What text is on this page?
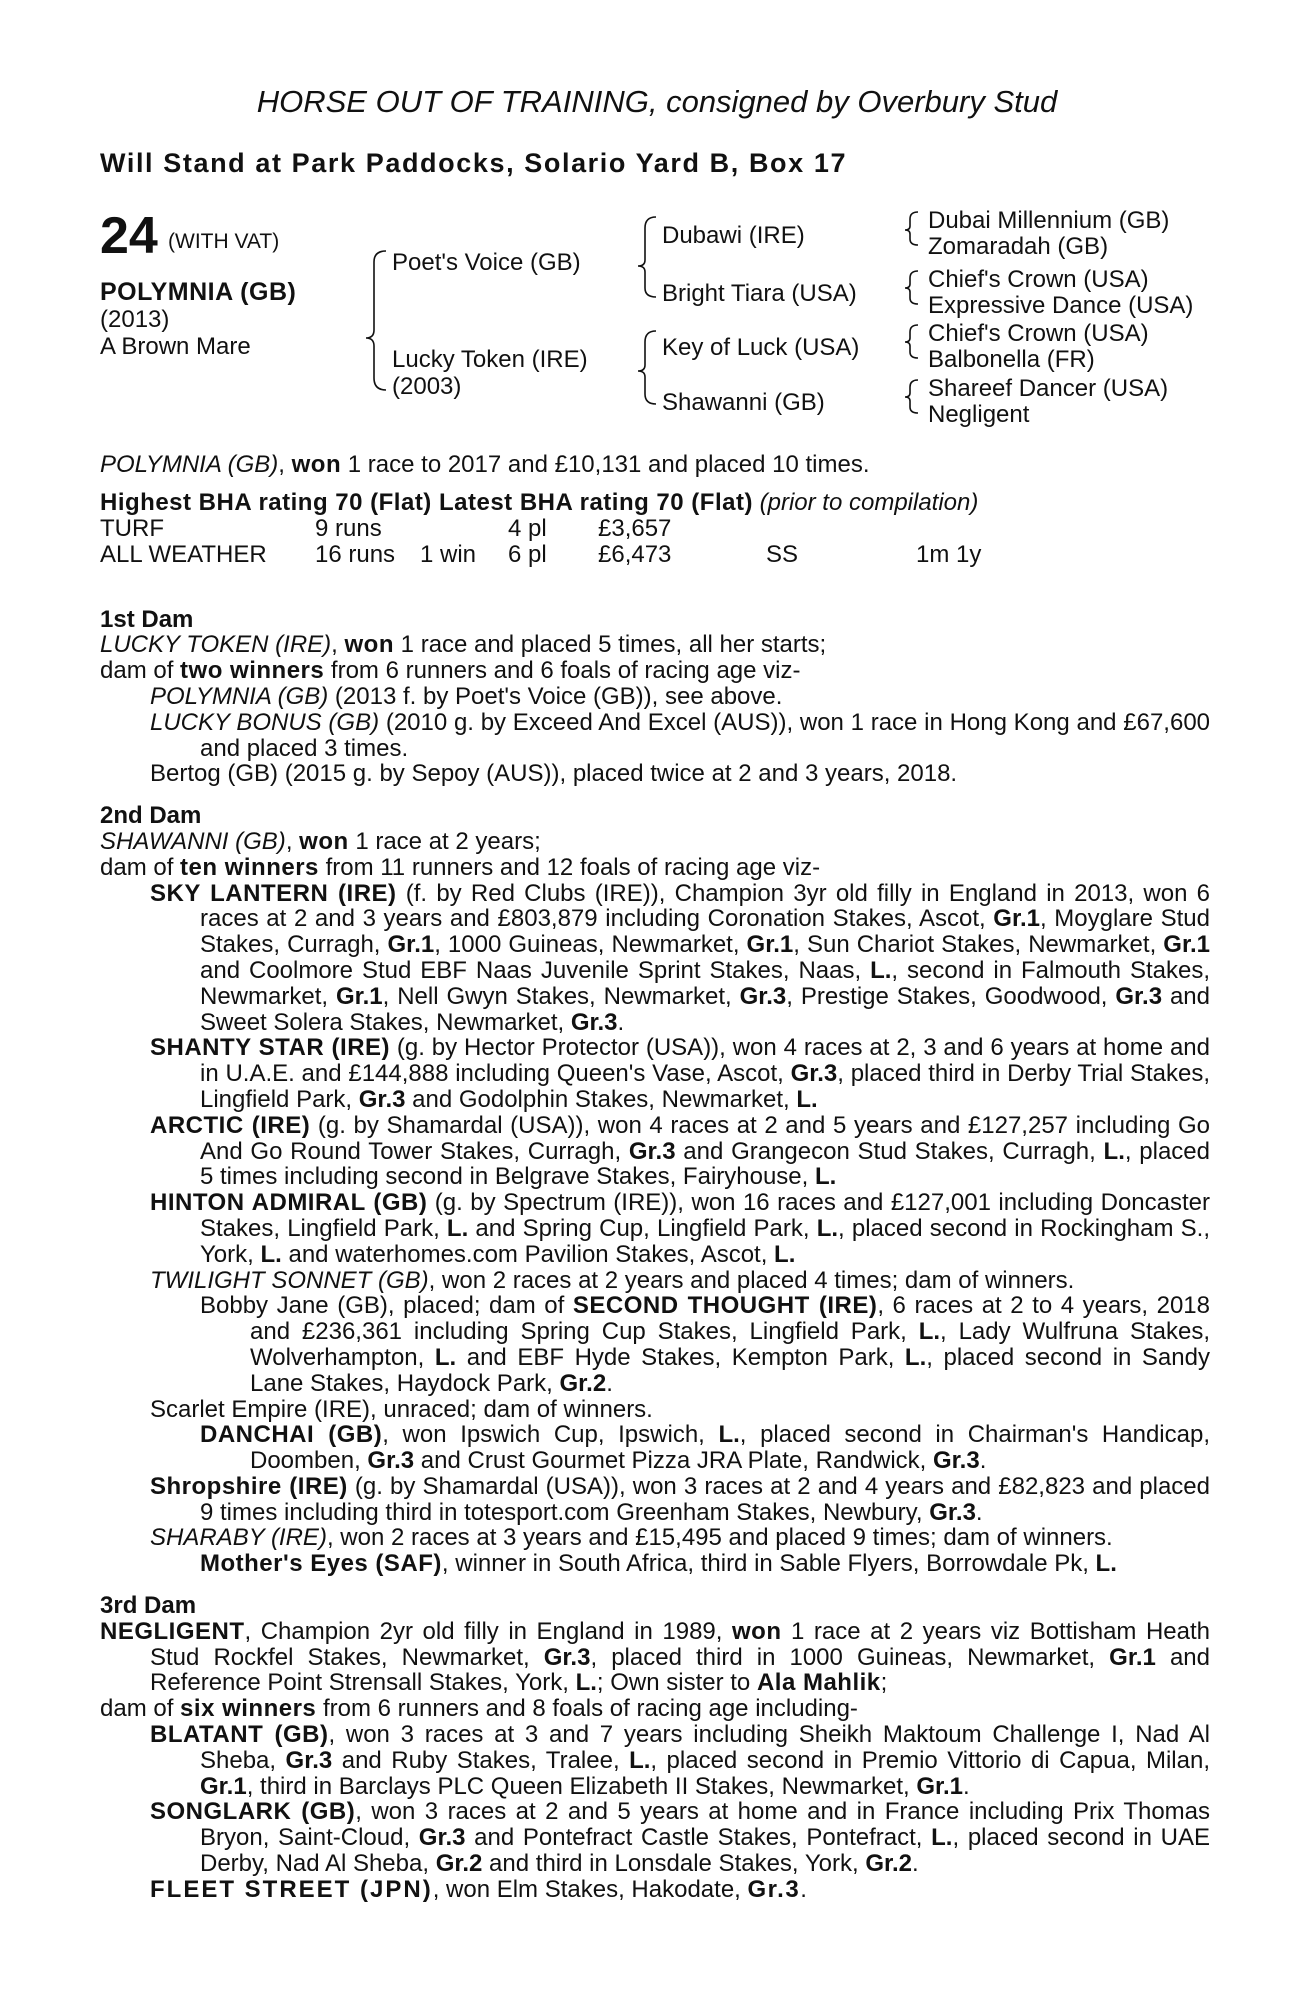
HORSE OUT OF TRAINING, consigned by Overbury Stud
Will Stand at Park Paddocks, Solario Yard B, Box 17
24 (WITH VAT)
POLYMNIA (GB)
(2013)
A Brown Mare
Poet's Voice (GB)
Lucky Token (IRE)
(2003)
Dubawi (IRE)
Bright Tiara (USA)
Key of Luck (USA)
Shawanni (GB)
Dubai Millennium (GB)
Zomaradah (GB)
Chief's Crown (USA)
Expressive Dance (USA)
Chief's Crown (USA)
Balbonella (FR)
Shareef Dancer (USA)
Negligent

POLYMNIA (GB), won 1 race to 2017 and £10,131 and placed 10 times.

Highest BHA rating 70 (Flat) Latest BHA rating 70 (Flat) (prior to compilation)

TURF	9 runs	4 pl £3,657
ALL WEATHER 16 runs 1 win 6 pl £6,473	SS	1m 1y

1st Dam

LUCKY TOKEN (IRE), won 1 race and placed 5 times, all her starts;

dam of two winners from 6 runners and 6 foals of racing age viz-

POLYMNIA (GB) (2013 f. by Poet's Voice (GB)), see above.

LUCKY BONUS (GB) (2010 g. by Exceed And Excel (AUS)), won 1 race in Hong Kong and £67,600 and placed 3 times.

Bertog (GB) (2015 g. by Sepoy (AUS)), placed twice at 2 and 3 years, 2018.

2nd Dam

SHAWANNI (GB), won 1 race at 2 years;

dam of ten winners from 11 runners and 12 foals of racing age viz-

SKY LANTERN (IRE) (f. by Red Clubs (IRE)), Champion 3yr old filly in England in 2013, won 6 races at 2 and 3 years and £803,879 including Coronation Stakes, Ascot, Gr.1, Moyglare Stud Stakes, Curragh, Gr.1, 1000 Guineas, Newmarket, Gr.1, Sun Chariot Stakes, Newmarket, Gr.1 and Coolmore Stud EBF Naas Juvenile Sprint Stakes, Naas, L., second in Falmouth Stakes, Newmarket, Gr.1, Nell Gwyn Stakes, Newmarket, Gr.3, Prestige Stakes, Goodwood, Gr.3 and Sweet Solera Stakes, Newmarket, Gr.3.

SHANTY STAR (IRE) (g. by Hector Protector (USA)), won 4 races at 2, 3 and 6 years at home and in U.A.E. and £144,888 including Queen's Vase, Ascot, Gr.3, placed third in Derby Trial Stakes, Lingfield Park, Gr.3 and Godolphin Stakes, Newmarket, L.

ARCTIC (IRE) (g. by Shamardal (USA)), won 4 races at 2 and 5 years and £127,257 including Go And Go Round Tower Stakes, Curragh, Gr.3 and Grangecon Stud Stakes, Curragh, L., placed 5 times including second in Belgrave Stakes, Fairyhouse, L.

HINTON ADMIRAL (GB) (g. by Spectrum (IRE)), won 16 races and £127,001 including Doncaster Stakes, Lingfield Park, L. and Spring Cup, Lingfield Park, L., placed second in Rockingham S., York, L. and waterhomes.com Pavilion Stakes, Ascot, L.

TWILIGHT SONNET (GB), won 2 races at 2 years and placed 4 times; dam of winners.

Bobby Jane (GB), placed; dam of SECOND THOUGHT (IRE), 6 races at 2 to 4 years, 2018 and £236,361 including Spring Cup Stakes, Lingfield Park, L., Lady Wulfruna Stakes, Wolverhampton, L. and EBF Hyde Stakes, Kempton Park, L., placed second in Sandy Lane Stakes, Haydock Park, Gr.2.

Scarlet Empire (IRE), unraced; dam of winners.

DANCHAI (GB), won Ipswich Cup, Ipswich, L., placed second in Chairman's Handicap, Doomben, Gr.3 and Crust Gourmet Pizza JRA Plate, Randwick, Gr.3.

Shropshire (IRE) (g. by Shamardal (USA)), won 3 races at 2 and 4 years and £82,823 and placed 9 times including third in totesport.com Greenham Stakes, Newbury, Gr.3.

SHARABY (IRE), won 2 races at 3 years and £15,495 and placed 9 times; dam of winners.

Mother's Eyes (SAF), winner in South Africa, third in Sable Flyers, Borrowdale Pk, L.

3rd Dam

NEGLIGENT, Champion 2yr old filly in England in 1989, won 1 race at 2 years viz Bottisham Heath Stud Rockfel Stakes, Newmarket, Gr.3, placed third in 1000 Guineas, Newmarket, Gr.1 and Reference Point Strensall Stakes, York, L.; Own sister to Ala Mahlik;

dam of six winners from 6 runners and 8 foals of racing age including-

BLATANT (GB), won 3 races at 3 and 7 years including Sheikh Maktoum Challenge I, Nad Al Sheba, Gr.3 and Ruby Stakes, Tralee, L., placed second in Premio Vittorio di Capua, Milan, Gr.1, third in Barclays PLC Queen Elizabeth II Stakes, Newmarket, Gr.1.

SONGLARK (GB), won 3 races at 2 and 5 years at home and in France including Prix Thomas Bryon, Saint-Cloud, Gr.3 and Pontefract Castle Stakes, Pontefract, L., placed second in UAE Derby, Nad Al Sheba, Gr.2 and third in Lonsdale Stakes, York, Gr.2.

FLEET STREET (JPN), won Elm Stakes, Hakodate, Gr.3.
